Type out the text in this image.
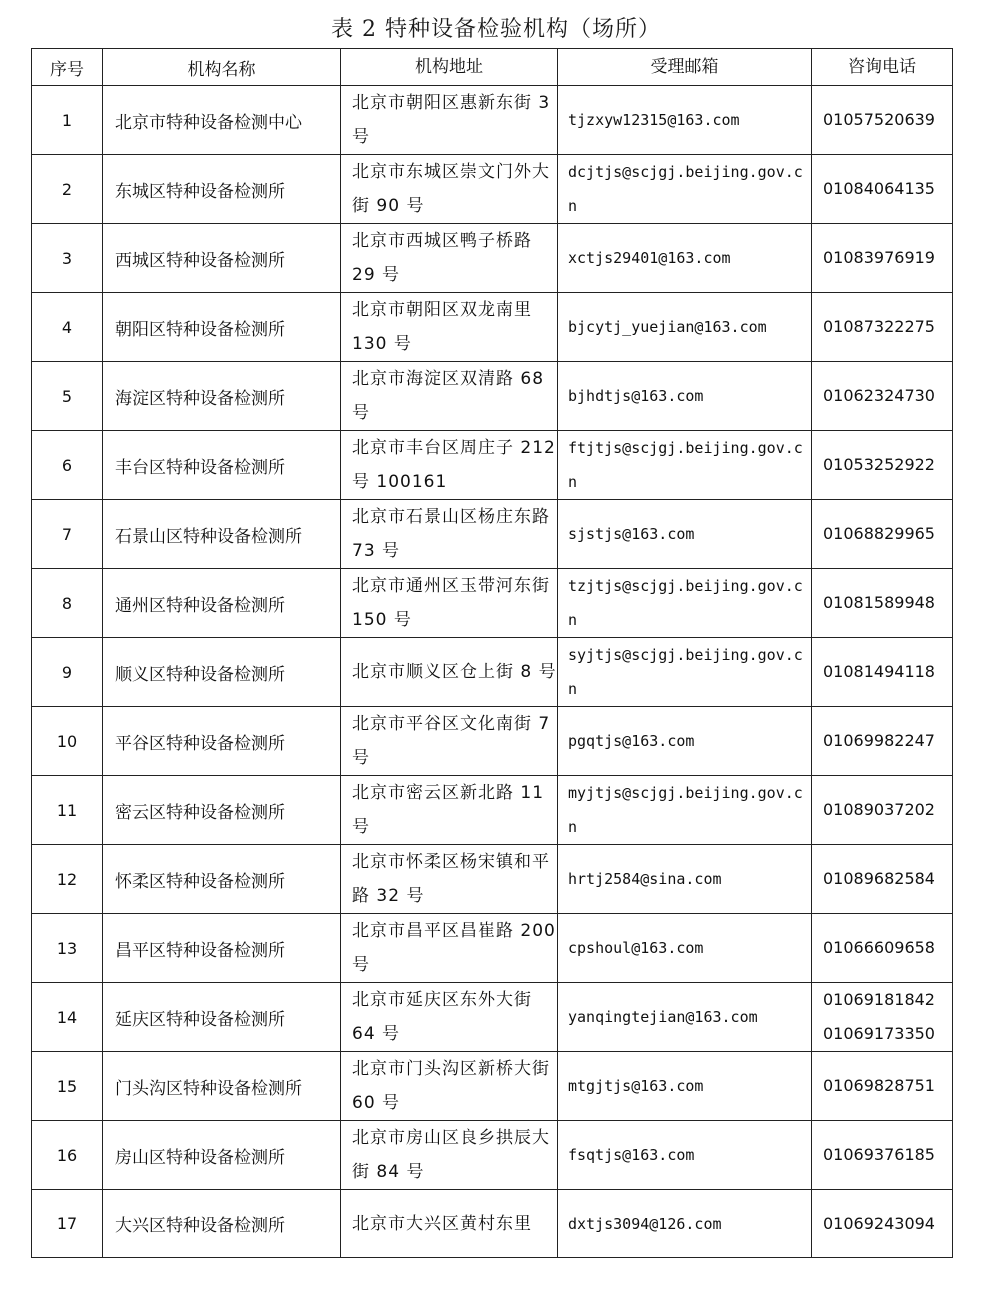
表 2 特种设备检验机构（场所）
序号	机构名称	机构地址	受理邮箱	咨询电话
1	北京市特种设备检测中心	北京市朝阳区惠新东街 3 号	tjzxyw12315@163.com	01057520639

2	东城区特种设备检测所	北京市东城区崇文门外大街 90 号	dcjtjs@scjgj.beijing.gov.cn	01084064135

3	西城区特种设备检测所	北京市西城区鸭子桥路 29 号	xctjs29401@163.com	01083976919

4	朝阳区特种设备检测所	北京市朝阳区双龙南里 130 号	bjcytj_yuejian@163.com	01087322275

5	海淀区特种设备检测所	北京市海淀区双清路 68 号	bjhdtjs@163.com	01062324730

6	丰台区特种设备检测所	北京市丰台区周庄子 212 号 100161	ftjtjs@scjgj.beijing.gov.cn	01053252922

7	石景山区特种设备检测所	北京市石景山区杨庄东路 73 号	sjstjs@163.com	01068829965

8	通州区特种设备检测所	北京市通州区玉带河东街 150 号	tzjtjs@scjgj.beijing.gov.cn	01081589948

9	顺义区特种设备检测所	北京市顺义区仓上街 8 号	syjtjs@scjgj.beijing.gov.cn	01081494118

10	平谷区特种设备检测所	北京市平谷区文化南街 7 号	pgqtjs@163.com	01069982247

11	密云区特种设备检测所	北京市密云区新北路 11 号	myjtjs@scjgj.beijing.gov.cn	01089037202

12	怀柔区特种设备检测所	北京市怀柔区杨宋镇和平路 32 号	hrtj2584@sina.com	01089682584

13	昌平区特种设备检测所	北京市昌平区昌崔路 200 号	cpshoul@163.com	01066609658

14	延庆区特种设备检测所	北京市延庆区东外大街 64 号	yanqingtejian@163.com	01069181842
01069173350

15	门头沟区特种设备检测所	北京市门头沟区新桥大街 60 号	mtgjtjs@163.com	01069828751

16	房山区特种设备检测所	北京市房山区良乡拱辰大街 84 号	fsqtjs@163.com	01069376185

17	大兴区特种设备检测所	北京市大兴区黄村东里	dxtjs3094@126.com	01069243094
